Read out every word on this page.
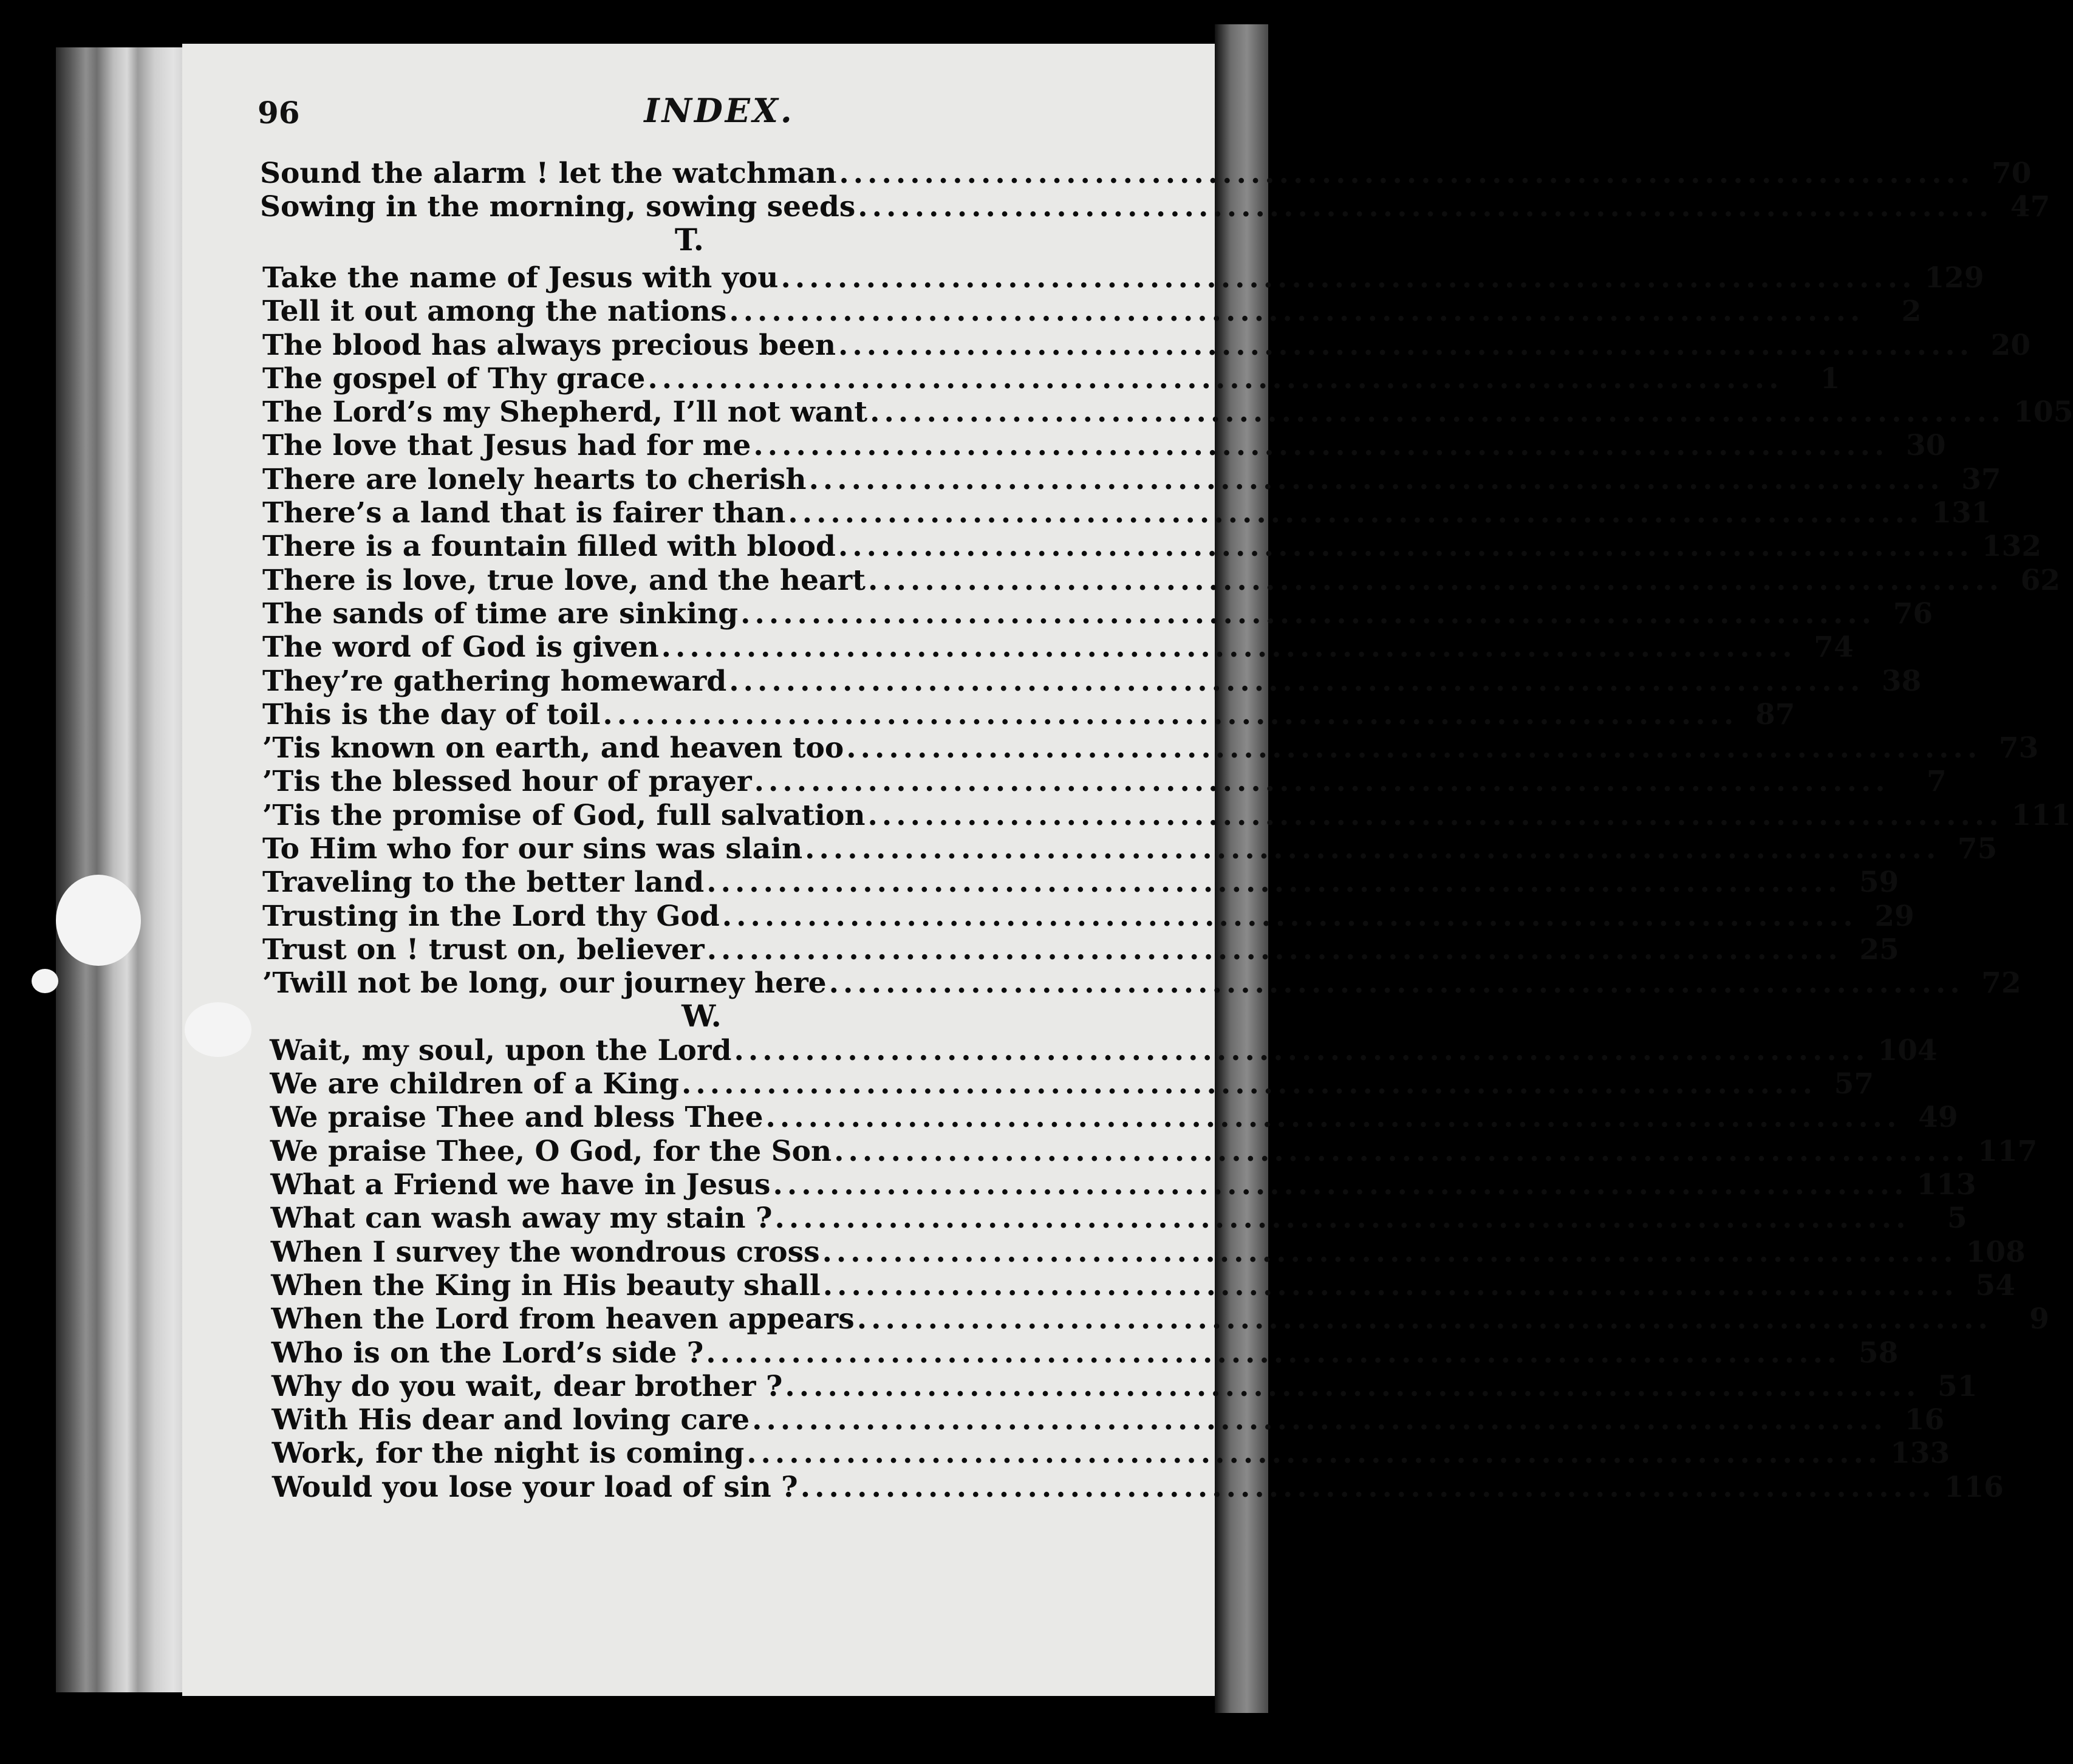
96	INDEX.
Sound the alarm ! let the watchman ................................................................................ 70
Sowing in the morning, sowing seeds ................................................................................ 47
T.
Take the name of Jesus with you ................................................................................ 129
Tell it out among the nations ................................................................................	2
The blood has always precious been ................................................................................ 20
The gospel of Thy grace ................................................................................	1
The Lord’s my Shepherd, I’ll not want ................................................................................ 105
The love that Jesus had for me ................................................................................ 30
There are lonely hearts to cherish ................................................................................ 37
There’s a land that is fairer than ................................................................................ 131
There is a fountain filled with blood ................................................................................ 132
There is love, true love, and the heart ................................................................................ 62
The sands of time are sinking ................................................................................ 76
The word of God is given ................................................................................ 74
They’re gathering homeward ................................................................................ 38
This is the day of toil ................................................................................ 87
’Tis known on earth, and heaven too ................................................................................ 73
’Tis the blessed hour of prayer ................................................................................	7
’Tis the promise of God, full salvation ................................................................................ 111
To Him who for our sins was slain ................................................................................ 75
Traveling to the better land ................................................................................ 59
Trusting in the Lord thy God ................................................................................ 29
Trust on ! trust on, believer ................................................................................ 25
’Twill not be long, our journey here ................................................................................ 72
W.
Wait, my soul, upon the Lord ................................................................................ 104
We are children of a King ................................................................................ 57
We praise Thee and bless Thee ................................................................................ 49
We praise Thee, O God, for the Son ................................................................................ 117
What a Friend we have in Jesus ................................................................................ 113
What can wash away my stain ? ................................................................................	5
When I survey the wondrous cross ................................................................................ 108
When the King in His beauty shall ................................................................................ 54
When the Lord from heaven appears ................................................................................	9
Who is on the Lord’s side ? ................................................................................ 58
Why do you wait, dear brother ? ................................................................................ 51
With His dear and loving care ................................................................................ 16
Work, for the night is coming ................................................................................ 133
Would you lose your load of sin ? ................................................................................ 116
